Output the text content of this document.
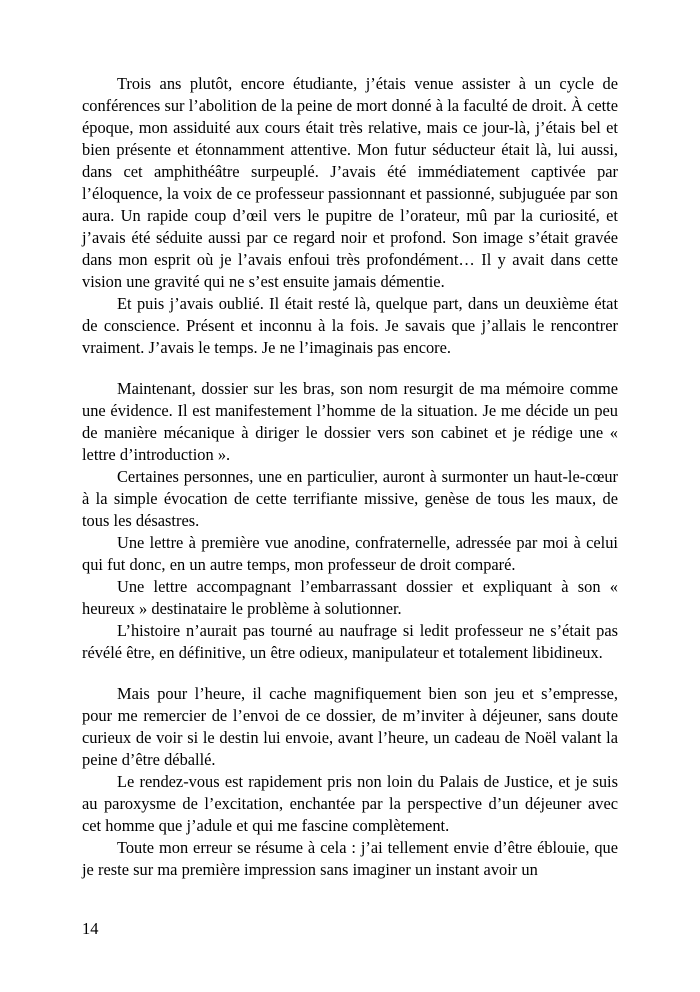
Trois ans plutôt, encore étudiante, j’étais venue assister à un cycle de conférences sur l’abolition de la peine de mort donné à la faculté de droit. À cette époque, mon assiduité aux cours était très relative, mais ce jour-là, j’étais bel et bien présente et étonnamment attentive. Mon futur séducteur était là, lui aussi, dans cet amphithéâtre surpeuplé. J’avais été immédiatement captivée par l’éloquence, la voix de ce professeur passionnant et passionné, subjuguée par son aura. Un rapide coup d’œil vers le pupitre de l’orateur, mû par la curiosité, et j’avais été séduite aussi par ce regard noir et profond. Son image s’était gravée dans mon esprit où je l’avais enfoui très profondément… Il y avait dans cette vision une gravité qui ne s’est ensuite jamais démentie.

Et puis j’avais oublié. Il était resté là, quelque part, dans un deuxième état de conscience. Présent et inconnu à la fois. Je savais que j’allais le rencontrer vraiment. J’avais le temps. Je ne l’imaginais pas encore.

Maintenant, dossier sur les bras, son nom resurgit de ma mémoire comme une évidence. Il est manifestement l’homme de la situation. Je me décide un peu de manière mécanique à diriger le dossier vers son cabinet et je rédige une « lettre d’introduction ».

Certaines personnes, une en particulier, auront à surmonter un haut-le-cœur à la simple évocation de cette terrifiante missive, genèse de tous les maux, de tous les désastres.

Une lettre à première vue anodine, confraternelle, adressée par moi à celui qui fut donc, en un autre temps, mon professeur de droit comparé.

Une lettre accompagnant l’embarrassant dossier et expliquant à son « heureux » destinataire le problème à solutionner.

L’histoire n’aurait pas tourné au naufrage si ledit professeur ne s’était pas révélé être, en définitive, un être odieux, manipulateur et totalement libidineux.

Mais pour l’heure, il cache magnifiquement bien son jeu et s’empresse, pour me remercier de l’envoi de ce dossier, de m’inviter à déjeuner, sans doute curieux de voir si le destin lui envoie, avant l’heure, un cadeau de Noël valant la peine d’être déballé.

Le rendez-vous est rapidement pris non loin du Palais de Justice, et je suis au paroxysme de l’excitation, enchantée par la perspective d’un déjeuner avec cet homme que j’adule et qui me fascine complètement.

Toute mon erreur se résume à cela : j’ai tellement envie d’être éblouie, que je reste sur ma première impression sans imaginer un instant avoir un

14
